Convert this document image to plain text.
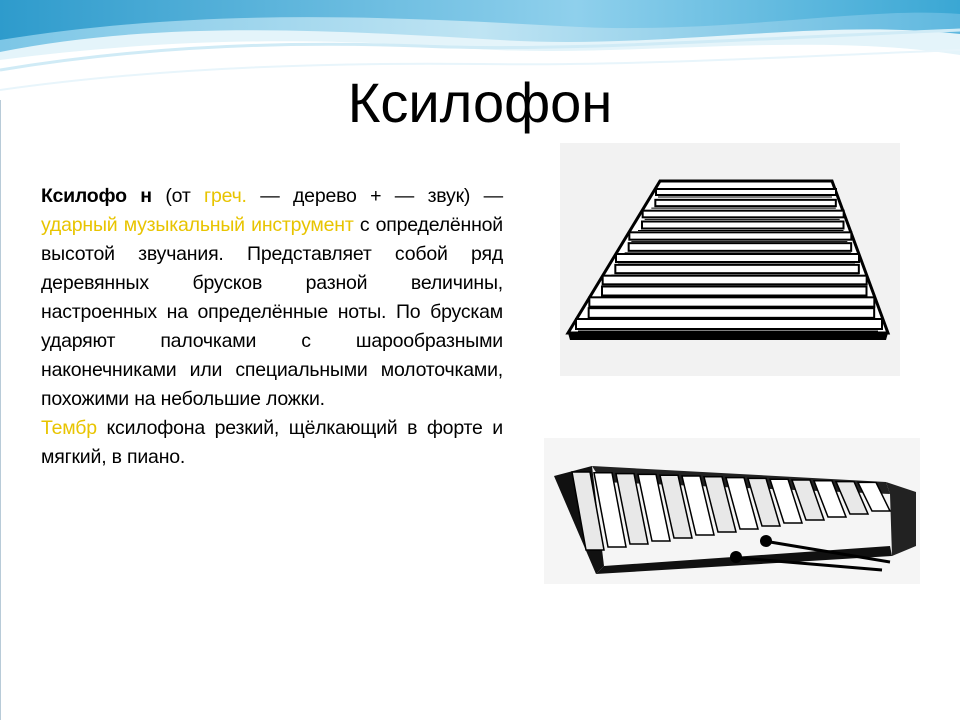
Ксилофон

Ксилофо н (от греч. — дерево + — звук) — ударный музыкальный инструмент с определённой высотой звучания. Представляет собой ряд деревянных брусков разной величины, настроенных на определённые ноты. По брускам ударяют палочками с шарообразными наконечниками или специальными молоточками, похожими на небольшие ложки.

Тембр ксилофона резкий, щёлкающий в форте и мягкий, в пиано.
